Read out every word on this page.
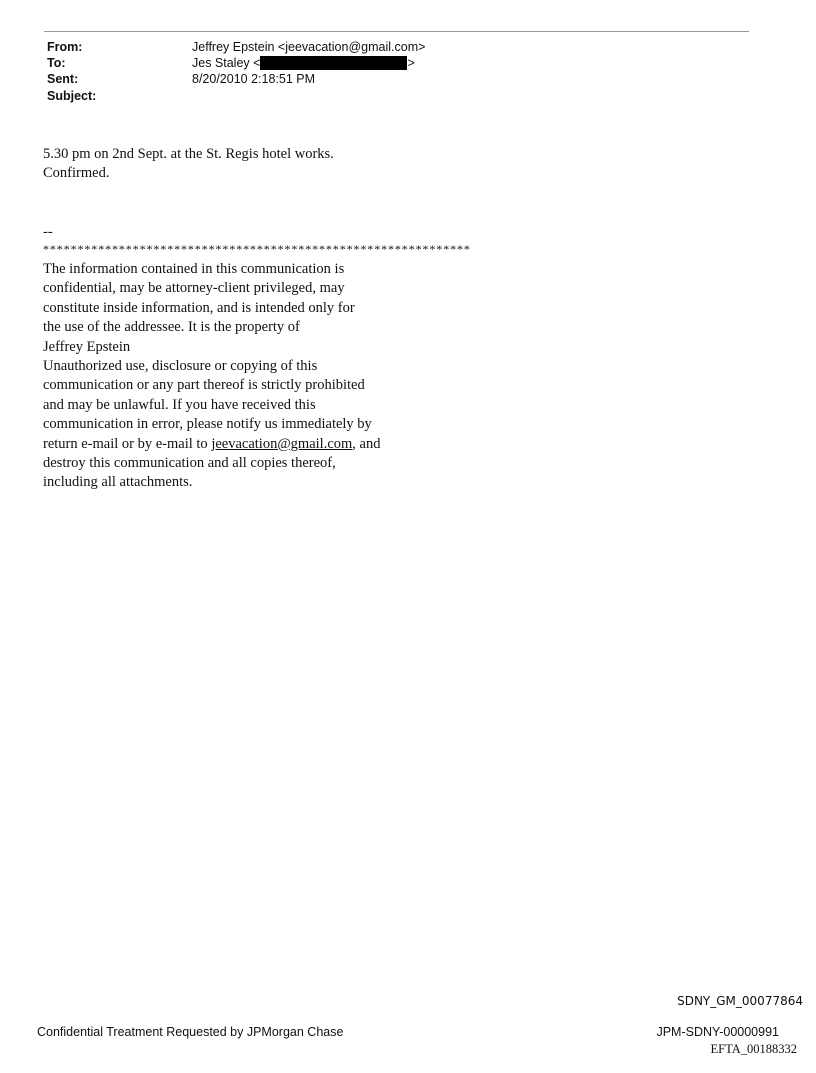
From:	Jeffrey Epstein <jeevacation@gmail.com>
To:	Jes Staley <	>
Sent:	8/20/2010 2:18:51 PM
Subject:
5.30 pm on 2nd Sept. at the St. Regis hotel works.
Confirmed.
--
**************************************************************
The information contained in this communication is
confidential, may be attorney-client privileged, may
constitute inside information, and is intended only for
the use of the addressee. It is the property of
Jeffrey Epstein
Unauthorized use, disclosure or copying of this
communication or any part thereof is strictly prohibited
and may be unlawful. If you have received this
communication in error, please notify us immediately by
return e-mail or by e-mail to jeevacation@gmail.com, and
destroy this communication and all copies thereof,
including all attachments.
SDNY_GM_00077864
Confidential Treatment Requested by JPMorgan Chase	JPM-SDNY-00000991
EFTA_00188332
